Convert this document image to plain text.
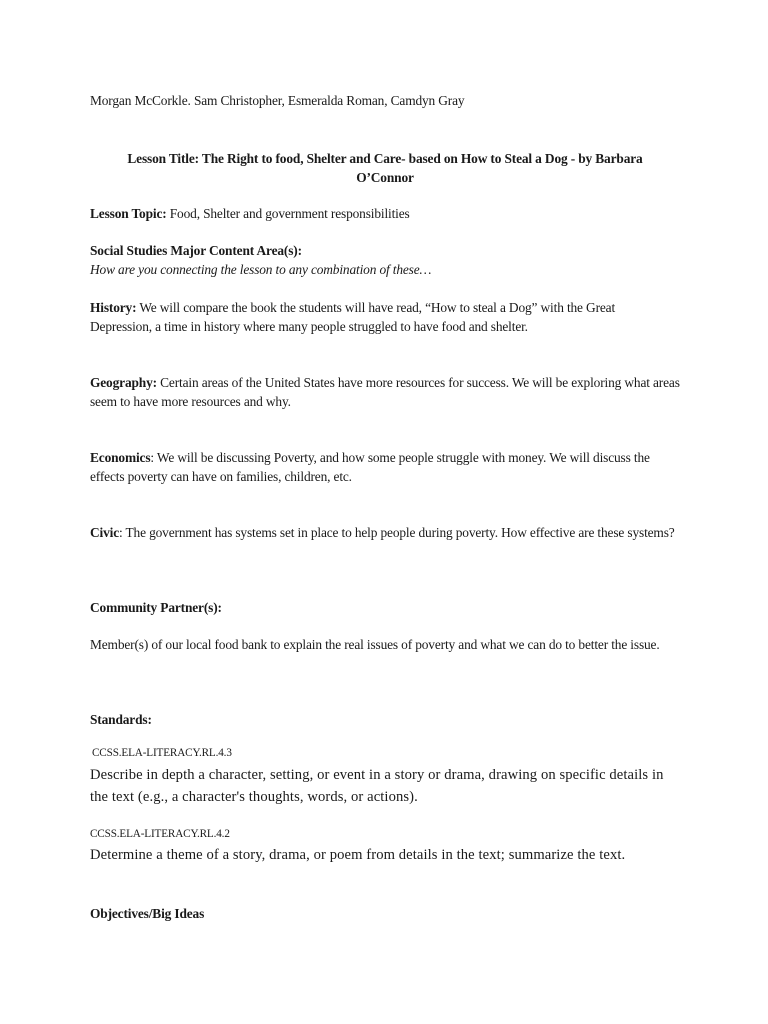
Morgan McCorkle. Sam Christopher, Esmeralda Roman, Camdyn Gray
Lesson Title: The Right to food, Shelter and Care- based on How to Steal a Dog - by Barbara
O’Connor
Lesson Topic: Food, Shelter and government responsibilities
Social Studies Major Content Area(s):
How are you connecting the lesson to any combination of these…
History: We will compare the book the students will have read, “How to steal a Dog” with the Great Depression, a time in history where many people struggled to have food and shelter.
Geography: Certain areas of the United States have more resources for success. We will be exploring what areas seem to have more resources and why.
Economics: We will be discussing Poverty, and how some people struggle with money. We will discuss the effects poverty can have on families, children, etc.
Civic: The government has systems set in place to help people during poverty. How effective are these systems?
Community Partner(s):
Member(s) of our local food bank to explain the real issues of poverty and what we can do to better the issue.
Standards:
CCSS.ELA-LITERACY.RL.4.3
Describe in depth a character, setting, or event in a story or drama, drawing on specific details in the text (e.g., a character's thoughts, words, or actions).
CCSS.ELA-LITERACY.RL.4.2
Determine a theme of a story, drama, or poem from details in the text; summarize the text.
Objectives/Big Ideas
